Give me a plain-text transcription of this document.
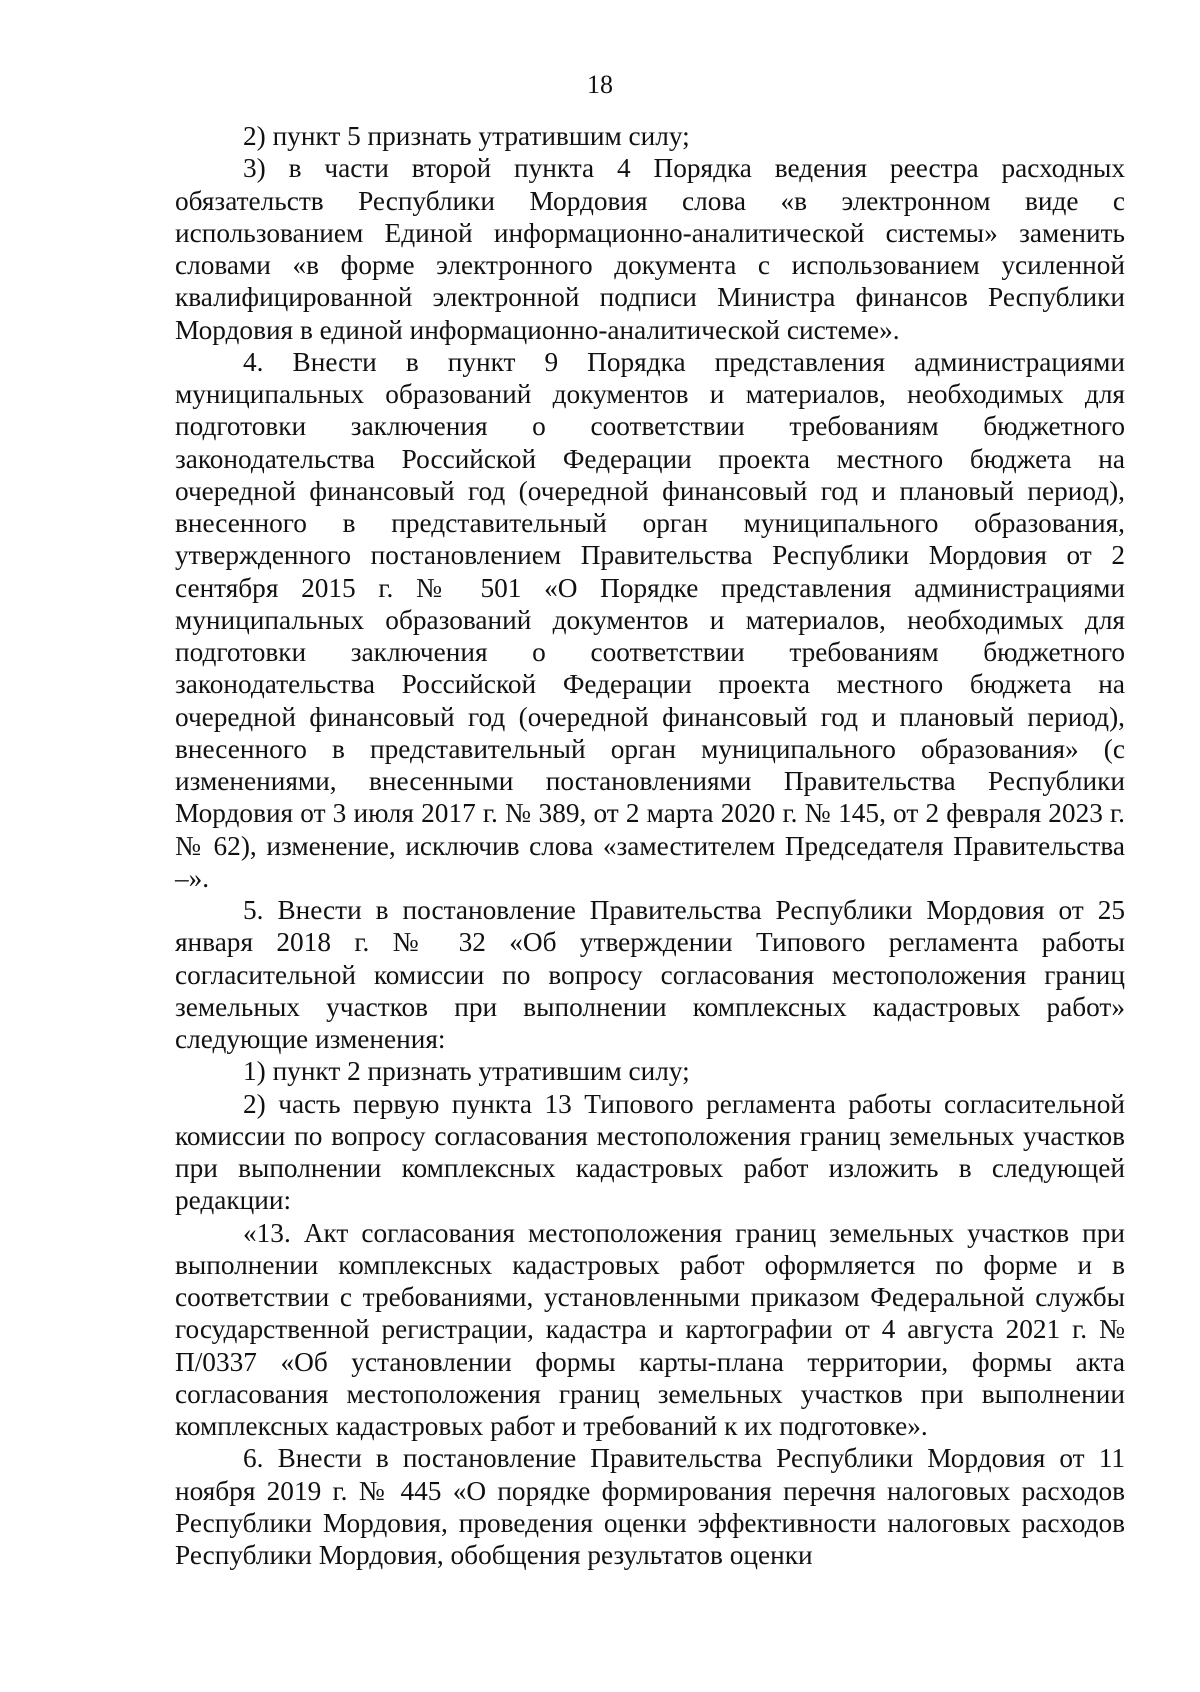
18

2) пункт 5 признать утратившим силу;

3) в части второй пункта 4 Порядка ведения реестра расходных обязательств Республики Мордовия слова «в электронном виде с использованием Единой информационно-аналитической системы» заменить словами «в форме электронного документа с использованием усиленной квалифицированной электронной подписи Министра финансов Республики Мордовия в единой информационно-аналитической системе».

4. Внести в пункт 9 Порядка представления администрациями муниципальных образований документов и материалов, необходимых для подготовки заключения о соответствии требованиям бюджетного законодательства Российской Федерации проекта местного бюджета на очередной финансовый год (очередной финансовый год и плановый период), внесенного в представительный орган муниципального образования, утвержденного постановлением Правительства Республики Мордовия от 2 сентября 2015 г. № 501 «О Порядке представления администрациями муниципальных образований документов и материалов, необходимых для подготовки заключения о соответствии требованиям бюджетного законодательства Российской Федерации проекта местного бюджета на очередной финансовый год (очередной финансовый год и плановый период), внесенного в представительный орган муниципального образования» (с изменениями, внесенными постановлениями Правительства Республики Мордовия от 3 июля 2017 г. № 389, от 2 марта 2020 г. № 145, от 2 февраля 2023 г. № 62), изменение, исключив слова «заместителем Председателя Правительства –».

5. Внести в постановление Правительства Республики Мордовия от 25 января 2018 г. № 32 «Об утверждении Типового регламента работы согласительной комиссии по вопросу согласования местоположения границ земельных участков при выполнении комплексных кадастровых работ» следующие изменения:

1) пункт 2 признать утратившим силу;

2) часть первую пункта 13 Типового регламента работы согласительной комиссии по вопросу согласования местоположения границ земельных участков при выполнении комплексных кадастровых работ изложить в следующей редакции:

«13. Акт согласования местоположения границ земельных участков при выполнении комплексных кадастровых работ оформляется по форме и в соответствии с требованиями, установленными приказом Федеральной службы государственной регистрации, кадастра и картографии от 4 августа 2021 г. № П/0337 «Об установлении формы карты-плана территории, формы акта согласования местоположения границ земельных участков при выполнении комплексных кадастровых работ и требований к их подготовке».

6. Внести в постановление Правительства Республики Мордовия от 11 ноября 2019 г. № 445 «О порядке формирования перечня налоговых расходов Республики Мордовия, проведения оценки эффективности налоговых расходов Республики Мордовия, обобщения результатов оценки
